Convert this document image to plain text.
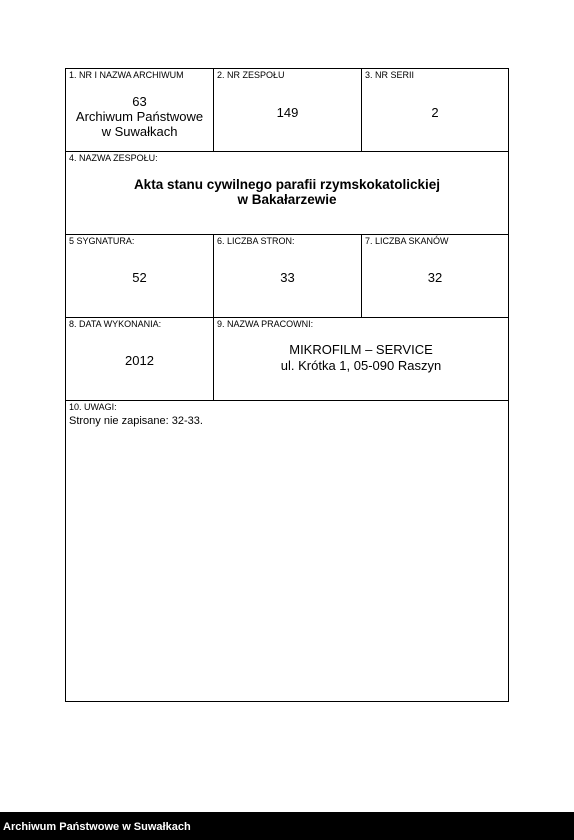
1. NR I NAZWA ARCHIWUM
63
Archiwum Państwowe
w Suwałkach
2. NR ZESPOŁU
149
3. NR SERII
2
4. NAZWA ZESPOŁU:
Akta stanu cywilnego parafii rzymskokatolickiej
w Bakałarzewie
5 SYGNATURA:
52
6. LICZBA STRON:
33
7. LICZBA SKANÓW
32
8. DATA WYKONANIA:
2012
9. NAZWA PRACOWNI:
MIKROFILM – SERVICE
ul. Krótka 1, 05-090 Raszyn
10. UWAGI:
Strony nie zapisane: 32-33.
Archiwum Państwowe w Suwałkach
